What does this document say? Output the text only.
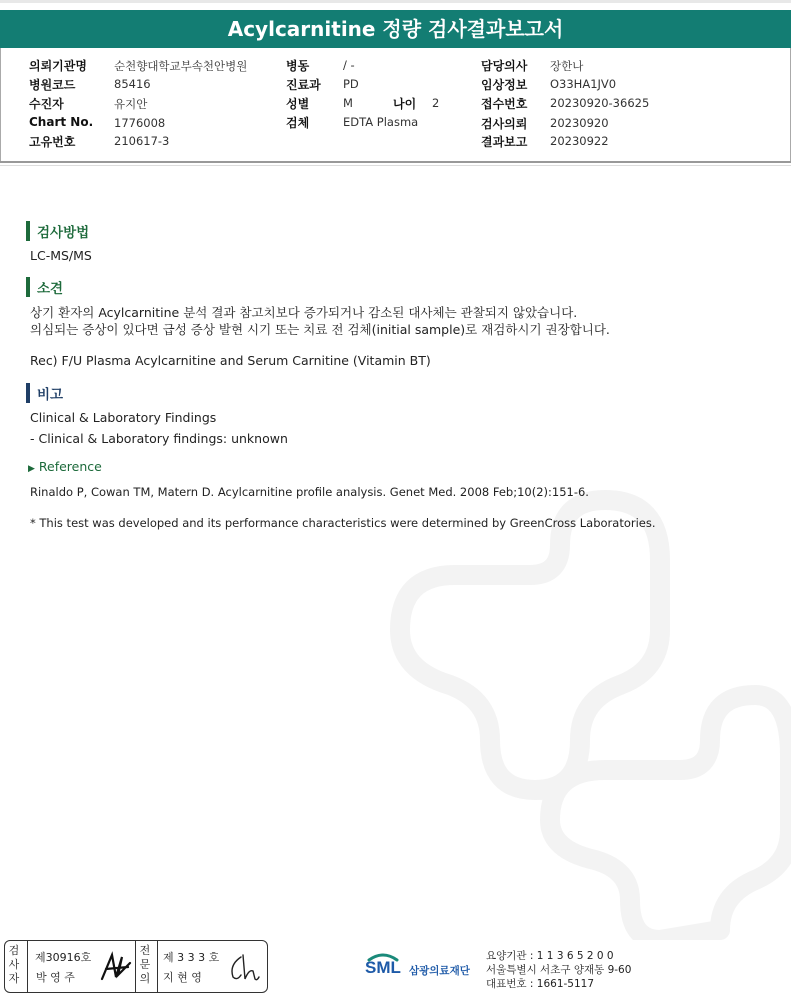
Acylcarnitine 정량 검사결과보고서
의뢰기관명 순천향대학교부속천안병원
병원코드	85416
수진자	유지안
Chart No. 1776008
고유번호	210617-3
병동	/ -
진료과 PD
성별	M	나이 2
검체	EDTA Plasma
담당의사 장한나
임상정보 O33HA1JV0
접수번호 20230920-36625
검사의뢰 20230920
결과보고 20230922
검사방법
LC-MS/MS
소견
상기 환자의 Acylcarnitine 분석 결과 참고치보다 증가되거나 감소된 대사체는 관찰되지 않았습니다.
의심되는 증상이 있다면 급성 증상 발현 시기 또는 치료 전 검체(initial sample)로 재검하시기 권장합니다.
Rec) F/U Plasma Acylcarnitine and Serum Carnitine (Vitamin BT)
비고
Clinical & Laboratory Findings
- Clinical & Laboratory findings: unknown
▶ Reference
Rinaldo P, Cowan TM, Matern D. Acylcarnitine profile analysis. Genet Med. 2008 Feb;10(2):151-6.
* This test was developed and its performance characteristics were determined by GreenCross Laboratories.
검사자
제30916호
박 영 주
전문의
제 3 3 3 호
지 현 영
SML 삼광의료재단
요양기관 : 1 1 3 6 5 2 0 0
서울특별시 서초구 양재동 9-60
대표번호 : 1661-5117
